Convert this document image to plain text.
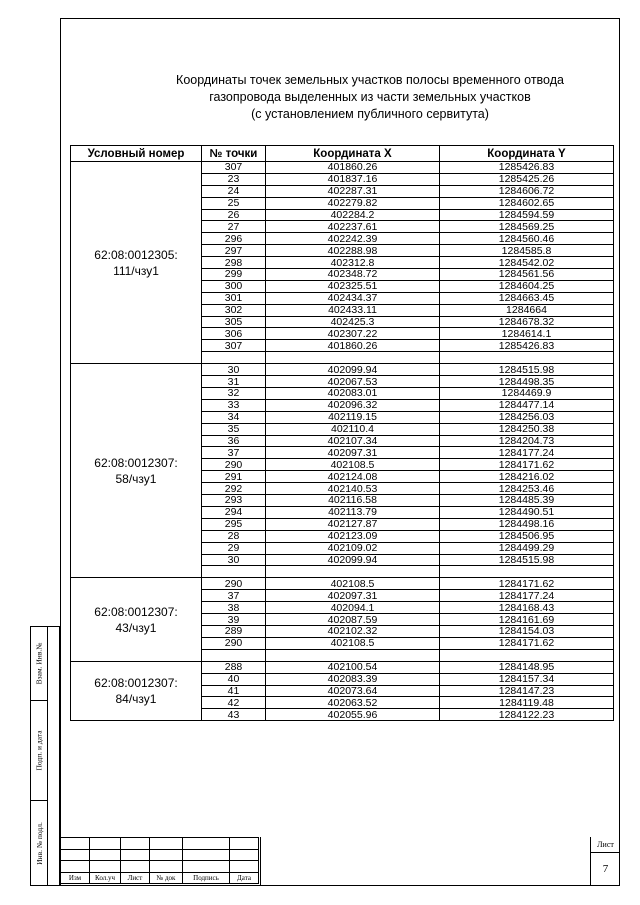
Координаты точек земельных участков полосы временного отвода
газопровода выделенных из части земельных участков
(с установлением публичного сервитута)
Условный номер	№ точки	Координата X	Координата Y

62:08:0012305:
111/чзу1	307	401860.26	1285426.83
	23	401837.16	1285425.26
	24	402287.31	1284606.72
	25	402279.82	1284602.65
	26	402284.2	1284594.59
	27	402237.61	1284569.25
	296	402242.39	1284560.46
	297	402288.98	1284585.8
	298	402312.8	1284542.02
	299	402348.72	1284561.56
	300	402325.51	1284604.25
	301	402434.37	1284663.45
	302	402433.11	1284664
	305	402425.3	1284678.32
	306	402307.22	1284614.1
	307	401860.26	1285426.83

62:08:0012307:
58/чзу1	30	402099.94	1284515.98
	31	402067.53	1284498.35
	32	402083.01	1284469.9
	33	402096.32	1284477.14
	34	402119.15	1284256.03
	35	402110.4	1284250.38
	36	402107.34	1284204.73
	37	402097.31	1284177.24
	290	402108.5	1284171.62
	291	402124.08	1284216.02
	292	402140.53	1284253.46
	293	402116.58	1284485.39
	294	402113.79	1284490.51
	295	402127.87	1284498.16
	28	402123.09	1284506.95
	29	402109.02	1284499.29
	30	402099.94	1284515.98

62:08:0012307:
43/чзу1	290	402108.5	1284171.62
	37	402097.31	1284177.24
	38	402094.1	1284168.43
	39	402087.59	1284161.69
	289	402102.32	1284154.03
	290	402108.5	1284171.62

62:08:0012307:
84/чзу1	288	402100.54	1284148.95
	40	402083.39	1284157.34
	41	402073.64	1284147.23
	42	402063.52	1284119.48
	43	402055.96	1284122.23
Взам. Инв.№
Подп. и дата
Инв. № подл.

Изм	Кол.уч	Лист	№ док	Подпись	Дата
Лист
7
